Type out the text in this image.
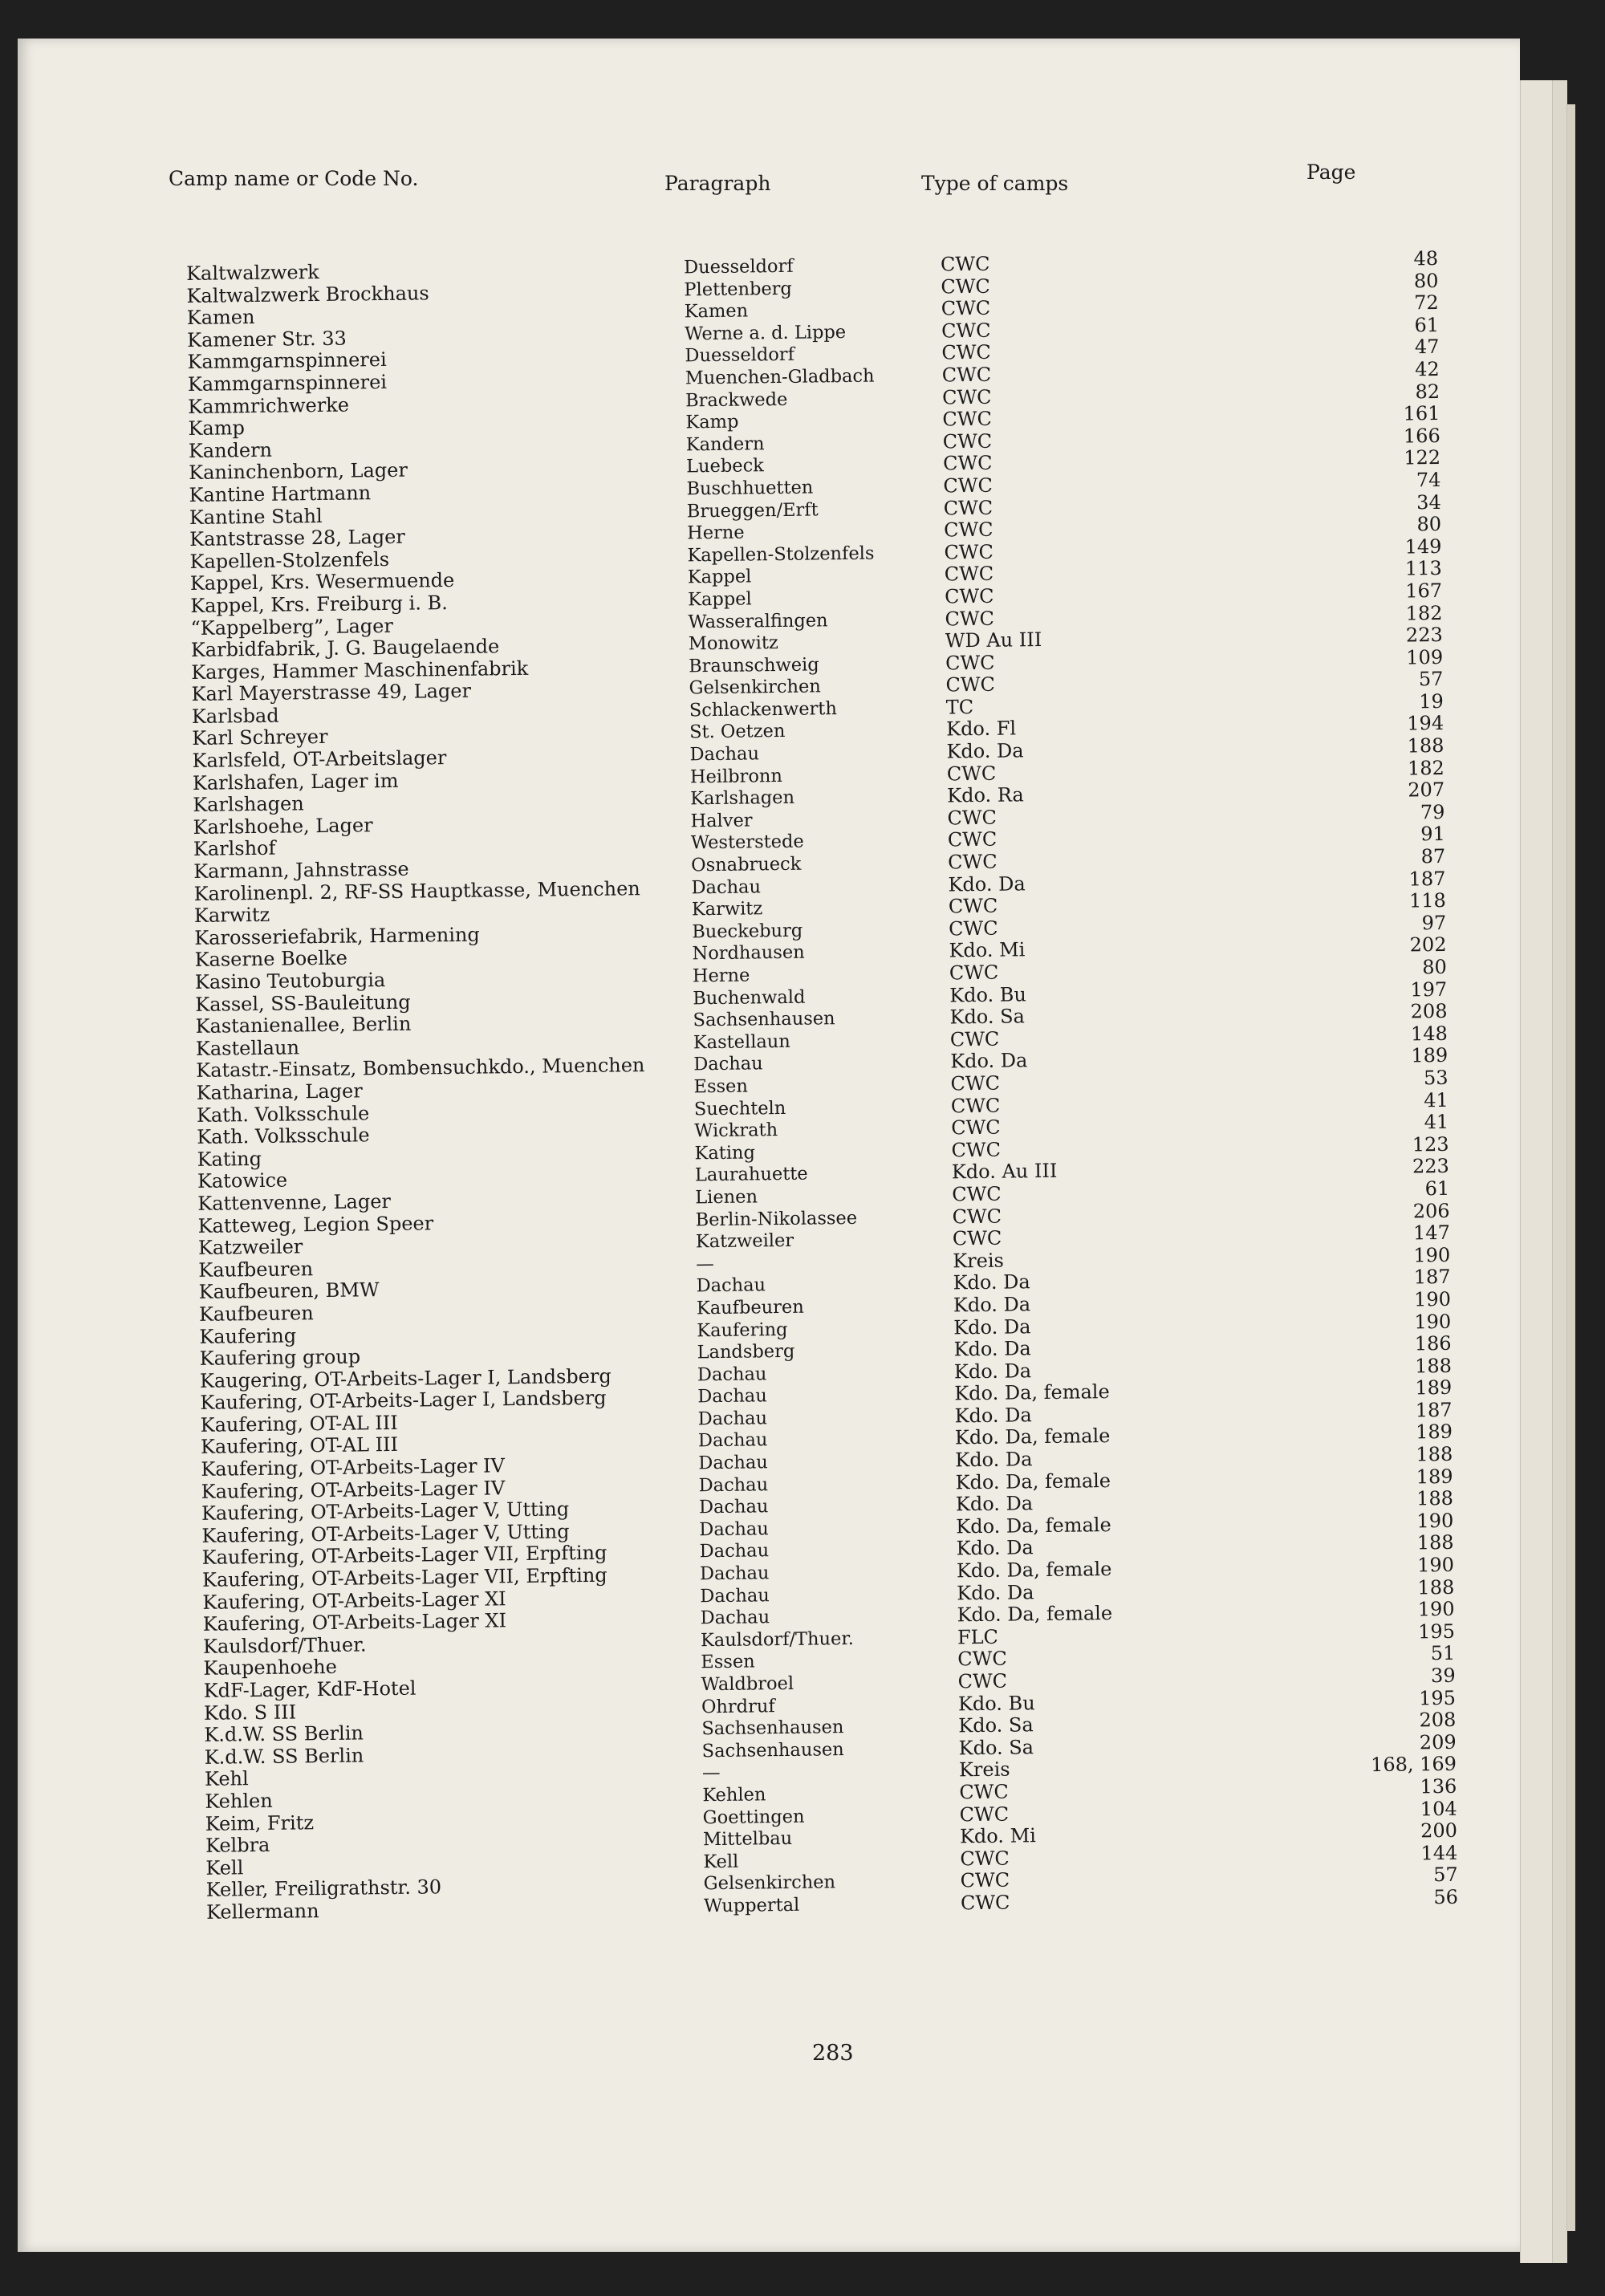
Camp name or Code No.	Paragraph	Type of camps	Page
Kaltwalzwerk	Duesseldorf	CWC	48
Kaltwalzwerk Brockhaus	Plettenberg	CWC	80
Kamen	Kamen	CWC	72
Kamener Str. 33	Werne a. d. Lippe	CWC	61
Kammgarnspinnerei	Duesseldorf	CWC	47
Kammgarnspinnerei	Muenchen-Gladbach	CWC	42
Kammrichwerke	Brackwede	CWC	82
Kamp	Kamp	CWC	161
Kandern	Kandern	CWC	166
Kaninchenborn, Lager	Luebeck	CWC	122
Kantine Hartmann	Buschhuetten	CWC	74
Kantine Stahl	Brueggen/Erft	CWC	34
Kantstrasse 28, Lager	Herne	CWC	80
Kapellen-Stolzenfels	Kapellen-Stolzenfels	CWC	149
Kappel, Krs. Wesermuende	Kappel	CWC	113
Kappel, Krs. Freiburg i. B.	Kappel	CWC	167
“Kappelberg”, Lager	Wasseralfingen	CWC	182
Karbidfabrik, J. G. Baugelaende	Monowitz	WD Au III	223
Karges, Hammer Maschinenfabrik	Braunschweig	CWC	109
Karl Mayerstrasse 49, Lager	Gelsenkirchen	CWC	57
Karlsbad	Schlackenwerth	TC	19
Karl Schreyer	St. Oetzen	Kdo. Fl	194
Karlsfeld, OT-Arbeitslager	Dachau	Kdo. Da	188
Karlshafen, Lager im	Heilbronn	CWC	182
Karlshagen	Karlshagen	Kdo. Ra	207
Karlshoehe, Lager	Halver	CWC	79
Karlshof	Westerstede	CWC	91
Karmann, Jahnstrasse	Osnabrueck	CWC	87
Karolinenpl. 2, RF-SS Hauptkasse, Muenchen	Dachau	Kdo. Da	187
Karwitz	Karwitz	CWC	118
Karosseriefabrik, Harmening	Bueckeburg	CWC	97
Kaserne Boelke	Nordhausen	Kdo. Mi	202
Kasino Teutoburgia	Herne	CWC	80
Kassel, SS-Bauleitung	Buchenwald	Kdo. Bu	197
Kastanienallee, Berlin	Sachsenhausen	Kdo. Sa	208
Kastellaun	Kastellaun	CWC	148
Katastr.-Einsatz, Bombensuchkdo., Muenchen	Dachau	Kdo. Da	189
Katharina, Lager	Essen	CWC	53
Kath. Volksschule	Suechteln	CWC	41
Kath. Volksschule	Wickrath	CWC	41
Kating	Kating	CWC	123
Katowice	Laurahuette	Kdo. Au III	223
Kattenvenne, Lager	Lienen	CWC	61
Katteweg, Legion Speer	Berlin-Nikolassee	CWC	206
Katzweiler	Katzweiler	CWC	147
Kaufbeuren	—	Kreis	190
Kaufbeuren, BMW	Dachau	Kdo. Da	187
Kaufbeuren	Kaufbeuren	Kdo. Da	190
Kaufering	Kaufering	Kdo. Da	190
Kaufering group	Landsberg	Kdo. Da	186
Kaugering, OT-Arbeits-Lager I, Landsberg	Dachau	Kdo. Da	188
Kaufering, OT-Arbeits-Lager I, Landsberg	Dachau	Kdo. Da, female	189
Kaufering, OT-AL III	Dachau	Kdo. Da	187
Kaufering, OT-AL III	Dachau	Kdo. Da, female	189
Kaufering, OT-Arbeits-Lager IV	Dachau	Kdo. Da	188
Kaufering, OT-Arbeits-Lager IV	Dachau	Kdo. Da, female	189
Kaufering, OT-Arbeits-Lager V, Utting	Dachau	Kdo. Da	188
Kaufering, OT-Arbeits-Lager V, Utting	Dachau	Kdo. Da, female	190
Kaufering, OT-Arbeits-Lager VII, Erpfting	Dachau	Kdo. Da	188
Kaufering, OT-Arbeits-Lager VII, Erpfting	Dachau	Kdo. Da, female	190
Kaufering, OT-Arbeits-Lager XI	Dachau	Kdo. Da	188
Kaufering, OT-Arbeits-Lager XI	Dachau	Kdo. Da, female	190
Kaulsdorf/Thuer.	Kaulsdorf/Thuer.	FLC	195
Kaupenhoehe	Essen	CWC	51
KdF-Lager, KdF-Hotel	Waldbroel	CWC	39
Kdo. S III	Ohrdruf	Kdo. Bu	195
K.d.W. SS Berlin	Sachsenhausen	Kdo. Sa	208
K.d.W. SS Berlin	Sachsenhausen	Kdo. Sa	209
Kehl	—	Kreis	168, 169
Kehlen	Kehlen	CWC	136
Keim, Fritz	Goettingen	CWC	104
Kelbra	Mittelbau	Kdo. Mi	200
Kell	Kell	CWC	144
Keller, Freiligrathstr. 30	Gelsenkirchen	CWC	57
Kellermann	Wuppertal	CWC	56
283
